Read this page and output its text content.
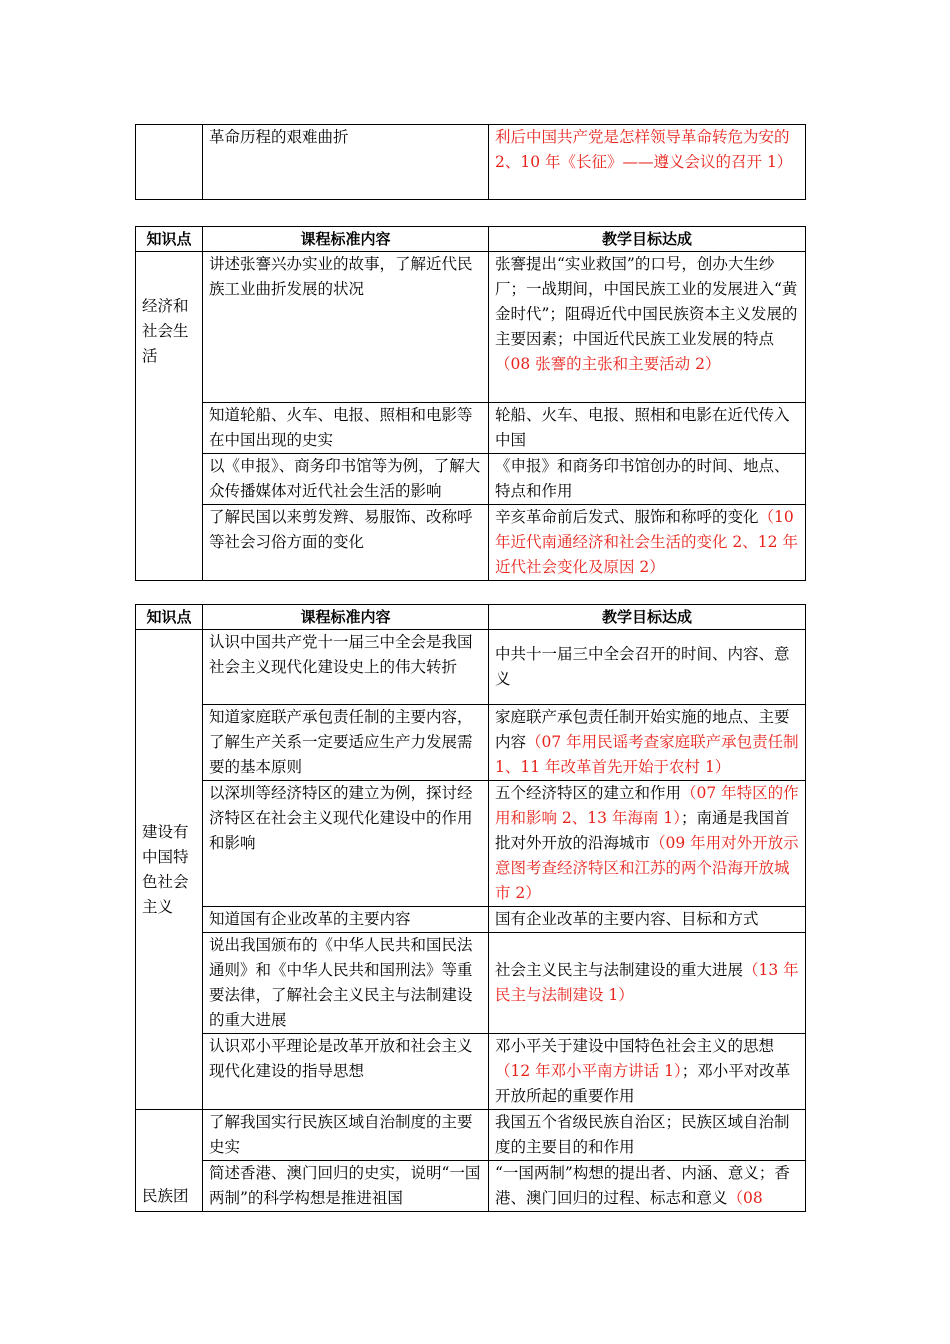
	革命历程的艰难曲折	利后中国共产党是怎样领导革命转危为安的 2、10 年《长征》——遵义会议的召开 1）
知识点	课程标准内容	教学目标达成
经济和社会生活	讲述张謇兴办实业的故事，了解近代民族工业曲折发展的状况	张謇提出“实业救国”的口号，创办大生纱厂；一战期间，中国民族工业的发展进入“黄金时代”；阻碍近代中国民族资本主义发展的主要因素；中国近代民族工业发展的特点（08 张謇的主张和主要活动 2）
	知道轮船、火车、电报、照相和电影等在中国出现的史实	轮船、火车、电报、照相和电影在近代传入中国
	以《申报》、商务印书馆等为例，了解大众传播媒体对近代社会生活的影响	《申报》和商务印书馆创办的时间、地点、特点和作用
	了解民国以来剪发辫、易服饰、改称呼等社会习俗方面的变化	辛亥革命前后发式、服饰和称呼的变化（10 年近代南通经济和社会生活的变化 2、12 年近代社会变化及原因 2）
知识点	课程标准内容	教学目标达成
建设有中国特色社会主义	认识中国共产党十一届三中全会是我国社会主义现代化建设史上的伟大转折	中共十一届三中全会召开的时间、内容、意义
	知道家庭联产承包责任制的主要内容，了解生产关系一定要适应生产力发展需要的基本原则	家庭联产承包责任制开始实施的地点、主要内容（07 年用民谣考查家庭联产承包责任制 1、11 年改革首先开始于农村 1）
	以深圳等经济特区的建立为例，探讨经济特区在社会主义现代化建设中的作用和影响	五个经济特区的建立和作用（07 年特区的作用和影响 2、13 年海南 1）；南通是我国首批对外开放的沿海城市（09 年用对外开放示意图考查经济特区和江苏的两个沿海开放城市 2）
	知道国有企业改革的主要内容	国有企业改革的主要内容、目标和方式
	说出我国颁布的《中华人民共和国民法通则》和《中华人民共和国刑法》等重要法律，了解社会主义民主与法制建设的重大进展	社会主义民主与法制建设的重大进展（13 年民主与法制建设 1）
	认识邓小平理论是改革开放和社会主义现代化建设的指导思想	邓小平关于建设中国特色社会主义的思想（12 年邓小平南方讲话 1）；邓小平对改革开放所起的重要作用
民族团	了解我国实行民族区域自治制度的主要史实	我国五个省级民族自治区；民族区域自治制度的主要目的和作用
	简述香港、澳门回归的史实，说明“一国两制”的科学构想是推进祖国	“一国两制”构想的提出者、内涵、意义；香港、澳门回归的过程、标志和意义（08
